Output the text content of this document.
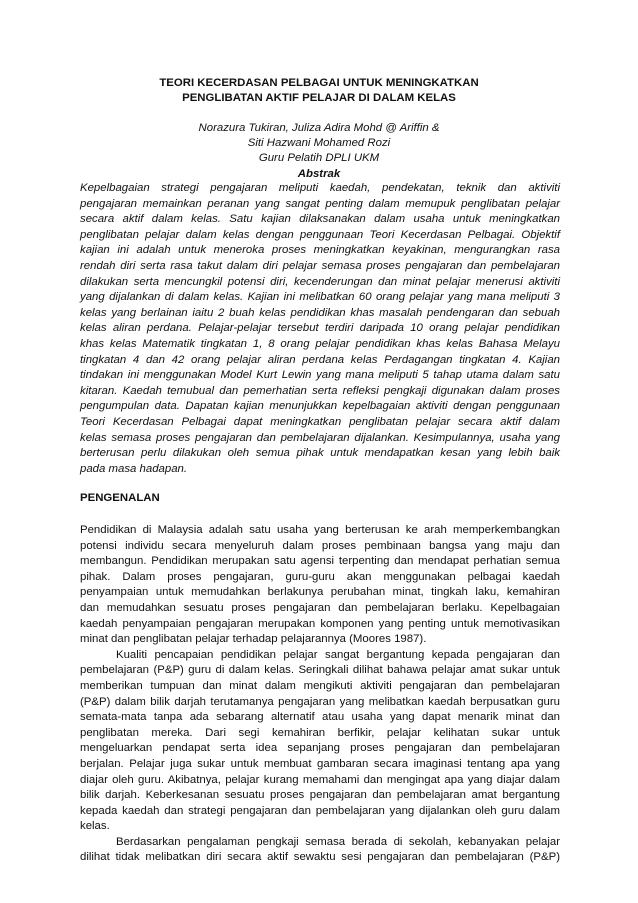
TEORI KECERDASAN PELBAGAI UNTUK MENINGKATKAN
PENGLIBATAN AKTIF PELAJAR DI DALAM KELAS
Norazura Tukiran, Juliza Adira Mohd @ Ariffin &
Siti Hazwani Mohamed Rozi
Guru Pelatih DPLI UKM
Abstrak
Kepelbagaian strategi pengajaran meliputi kaedah, pendekatan, teknik dan aktiviti
pengajaran memainkan peranan yang sangat penting dalam memupuk penglibatan pelajar
secara aktif dalam kelas. Satu kajian dilaksanakan dalam usaha untuk meningkatkan
penglibatan pelajar dalam kelas dengan penggunaan Teori Kecerdasan Pelbagai. Objektif
kajian ini adalah untuk meneroka proses meningkatkan keyakinan, mengurangkan rasa
rendah diri serta rasa takut dalam diri pelajar semasa proses pengajaran dan pembelajaran
dilakukan serta mencungkil potensi diri, kecenderungan dan minat pelajar menerusi aktiviti
yang dijalankan di dalam kelas. Kajian ini melibatkan 60 orang pelajar yang mana meliputi 3
kelas yang berlainan iaitu 2 buah kelas pendidikan khas masalah pendengaran dan sebuah
kelas aliran perdana. Pelajar-pelajar tersebut terdiri daripada 10 orang pelajar pendidikan
khas kelas Matematik tingkatan 1, 8 orang pelajar pendidikan khas kelas Bahasa Melayu
tingkatan 4 dan 42 orang pelajar aliran perdana kelas Perdagangan tingkatan 4. Kajian
tindakan ini menggunakan Model Kurt Lewin yang mana meliputi 5 tahap utama dalam satu
kitaran. Kaedah temubual dan pemerhatian serta refleksi pengkaji digunakan dalam proses
pengumpulan data. Dapatan kajian menunjukkan kepelbagaian aktiviti dengan penggunaan
Teori Kecerdasan Pelbagai dapat meningkatkan penglibatan pelajar secara aktif dalam
kelas semasa proses pengajaran dan pembelajaran dijalankan. Kesimpulannya, usaha yang
berterusan perlu dilakukan oleh semua pihak untuk mendapatkan kesan yang lebih baik
pada masa hadapan.
PENGENALAN
Pendidikan di Malaysia adalah satu usaha yang berterusan ke arah memperkembangkan
potensi individu secara menyeluruh dalam proses pembinaan bangsa yang maju dan
membangun. Pendidikan merupakan satu agensi terpenting dan mendapat perhatian semua
pihak. Dalam proses pengajaran, guru-guru akan menggunakan pelbagai kaedah
penyampaian untuk memudahkan berlakunya perubahan minat, tingkah laku, kemahiran
dan memudahkan sesuatu proses pengajaran dan pembelajaran berlaku. Kepelbagaian
kaedah penyampaian pengajaran merupakan komponen yang penting untuk memotivasikan
minat dan penglibatan pelajar terhadap pelajarannya (Moores 1987).
Kualiti pencapaian pendidikan pelajar sangat bergantung kepada pengajaran dan
pembelajaran (P&P) guru di dalam kelas. Seringkali dilihat bahawa pelajar amat sukar untuk
memberikan tumpuan dan minat dalam mengikuti aktiviti pengajaran dan pembelajaran
(P&P) dalam bilik darjah terutamanya pengajaran yang melibatkan kaedah berpusatkan guru
semata-mata tanpa ada sebarang alternatif atau usaha yang dapat menarik minat dan
penglibatan mereka. Dari segi kemahiran berfikir, pelajar kelihatan sukar untuk
mengeluarkan pendapat serta idea sepanjang proses pengajaran dan pembelajaran
berjalan. Pelajar juga sukar untuk membuat gambaran secara imaginasi tentang apa yang
diajar oleh guru. Akibatnya, pelajar kurang memahami dan mengingat apa yang diajar dalam
bilik darjah. Keberkesanan sesuatu proses pengajaran dan pembelajaran amat bergantung
kepada kaedah dan strategi pengajaran dan pembelajaran yang dijalankan oleh guru dalam
kelas.
Berdasarkan pengalaman pengkaji semasa berada di sekolah, kebanyakan pelajar
dilihat tidak melibatkan diri secara aktif sewaktu sesi pengajaran dan pembelajaran (P&P)
